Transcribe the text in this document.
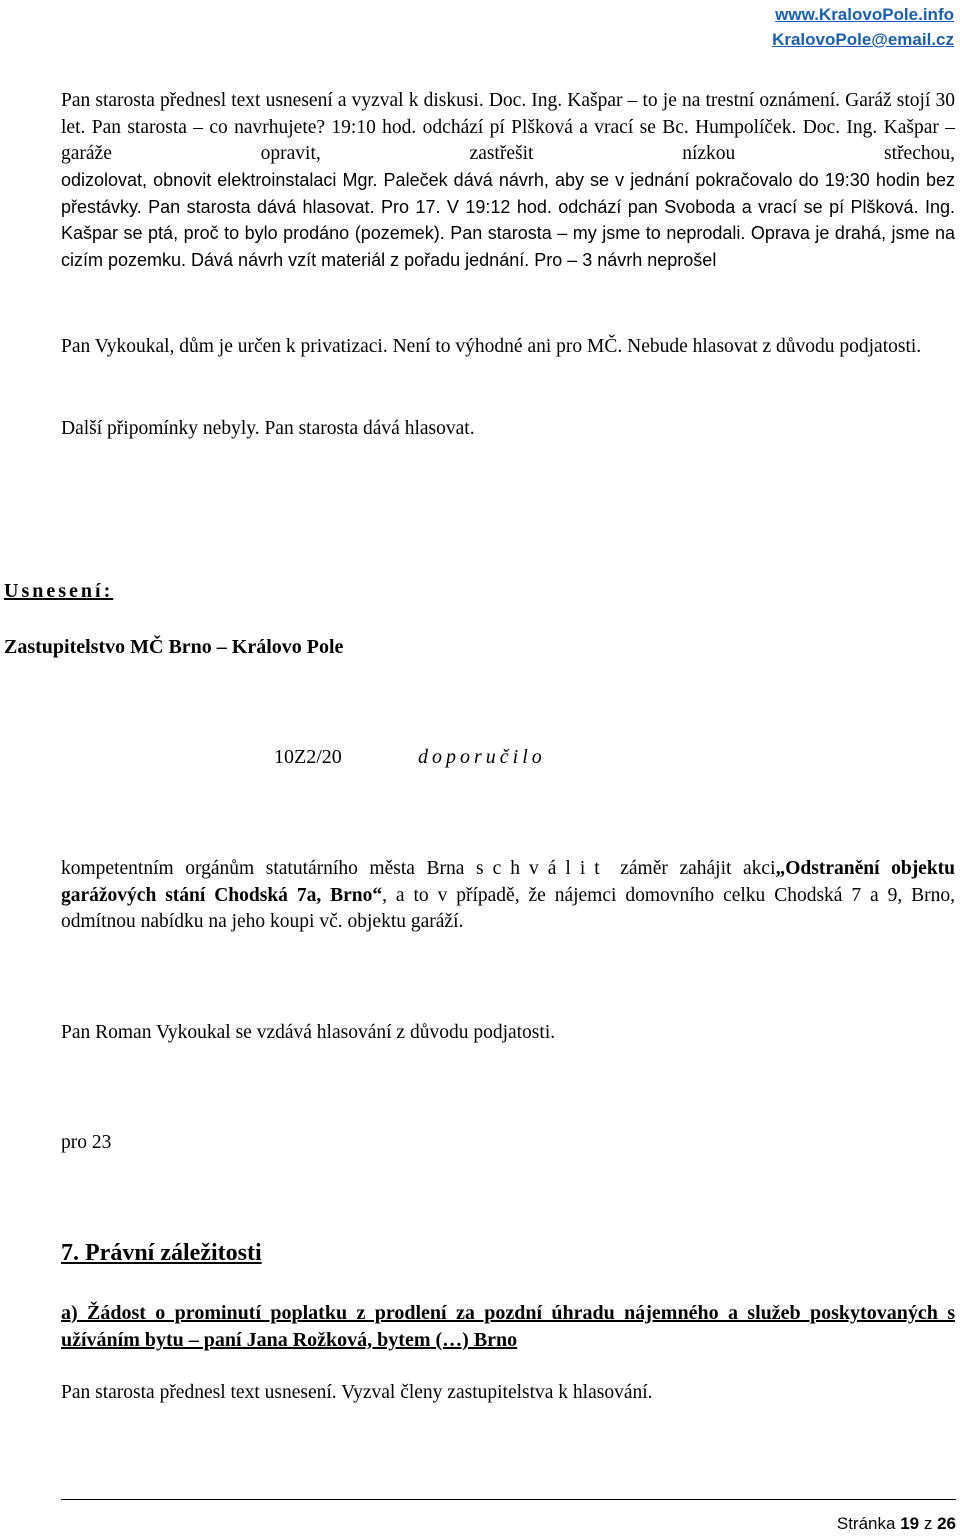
www.KralovoPole.info
KralovoPole@email.cz
Pan starosta přednesl text usnesení a vyzval k diskusi. Doc. Ing. Kašpar – to je na trestní oznámení. Garáž stojí 30 let. Pan starosta – co navrhujete? 19:10 hod. odchází pí Plšková a vrací se Bc. Humpolíček. Doc. Ing. Kašpar – garáže opravit, zastřešit nízkou střechou,
odizolovat, obnovit elektroinstalaci Mgr. Paleček dává návrh, aby se v jednání pokračovalo do 19:30 hodin bez přestávky. Pan starosta dává hlasovat. Pro 17. V 19:12 hod. odchází pan Svoboda a vrací se pí Plšková. Ing. Kašpar se ptá, proč to bylo prodáno (pozemek). Pan starosta – my jsme to neprodali. Oprava je drahá, jsme na cizím pozemku. Dává návrh vzít materiál z pořadu jednání. Pro – 3 návrh neprošel
Pan Vykoukal, dům je určen k privatizaci. Není to výhodné ani pro MČ. Nebude hlasovat z důvodu podjatosti.
Další připomínky nebyly. Pan starosta dává hlasovat.
Usnesení:
Zastupitelstvo MČ Brno – Královo Pole
10Z2/20	doporučilo
kompetentním orgánům statutárního města Brna schválit záměr zahájit akci„Odstranění objektu garážových stání Chodská 7a, Brno“, a to v případě, že nájemci domovního celku Chodská 7 a 9, Brno, odmítnou nabídku na jeho koupi vč. objektu garáží.
Pan Roman Vykoukal se vzdává hlasování z důvodu podjatosti.
pro 23
7. Právní záležitosti
a) Žádost o prominutí poplatku z prodlení za pozdní úhradu nájemného a služeb poskytovaných s užíváním bytu – paní Jana Rožková, bytem (…) Brno
Pan starosta přednesl text usnesení. Vyzval členy zastupitelstva k hlasování.
Stránka 19 z 26
